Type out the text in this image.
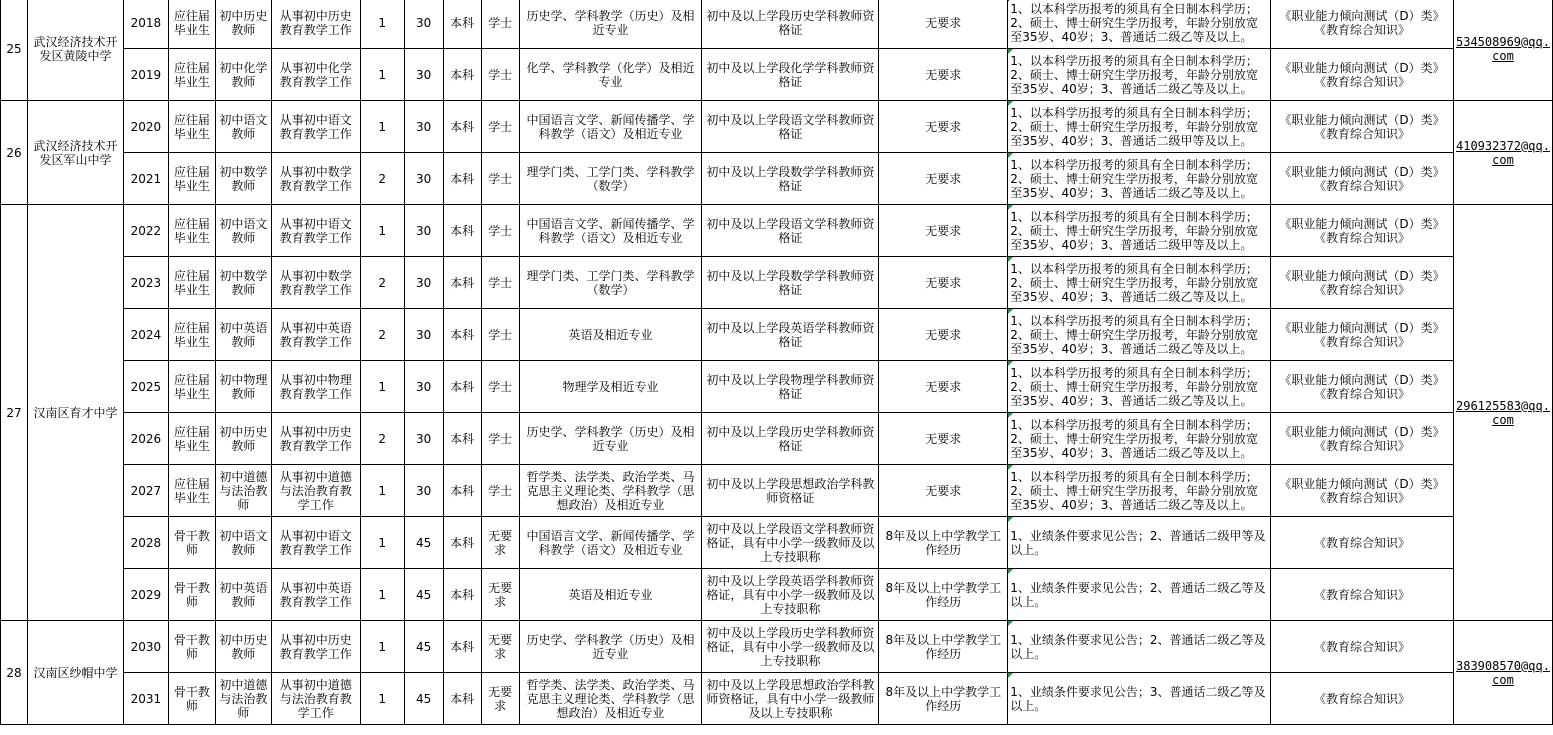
25	武汉经济技术开发区黄陵中学	2018	应往届毕业生	初中历史教师	从事初中历史教育教学工作	1	30	本科	学士	历史学、学科教学（历史）及相近专业	初中及以上学段历史学科教师资格证	无要求	1、以本科学历报考的须具有全日制本科学历；2、硕士、博士研究生学历报考，年龄分别放宽至35岁、40岁；3、普通话二级乙等及以上。	《职业能力倾向测试（D）类》《教育综合知识》	534508969@qq.com
		2019	应往届毕业生	初中化学教师	从事初中化学教育教学工作	1	30	本科	学士	化学、学科教学（化学）及相近专业	初中及以上学段化学学科教师资格证	无要求	1、以本科学历报考的须具有全日制本科学历；2、硕士、博士研究生学历报考，年龄分别放宽至35岁、40岁；3、普通话二级乙等及以上。	《职业能力倾向测试（D）类》《教育综合知识》	
26	武汉经济技术开发区军山中学	2020	应往届毕业生	初中语文教师	从事初中语文教育教学工作	1	30	本科	学士	中国语言文学、新闻传播学、学科教学（语文）及相近专业	初中及以上学段语文学科教师资格证	无要求	1、以本科学历报考的须具有全日制本科学历；2、硕士、博士研究生学历报考，年龄分别放宽至35岁、40岁；3、普通话二级甲等及以上。	《职业能力倾向测试（D）类》《教育综合知识》	410932372@qq.com
		2021	应往届毕业生	初中数学教师	从事初中数学教育教学工作	2	30	本科	学士	理学门类、工学门类、学科教学（数学）	初中及以上学段数学学科教师资格证	无要求	1、以本科学历报考的须具有全日制本科学历；2、硕士、博士研究生学历报考，年龄分别放宽至35岁、40岁；3、普通话二级乙等及以上。	《职业能力倾向测试（D）类》《教育综合知识》	
27	汉南区育才中学	2022	应往届毕业生	初中语文教师	从事初中语文教育教学工作	1	30	本科	学士	中国语言文学、新闻传播学、学科教学（语文）及相近专业	初中及以上学段语文学科教师资格证	无要求	1、以本科学历报考的须具有全日制本科学历；2、硕士、博士研究生学历报考，年龄分别放宽至35岁、40岁；3、普通话二级甲等及以上。	《职业能力倾向测试（D）类》《教育综合知识》	296125583@qq.com
		2023	应往届毕业生	初中数学教师	从事初中数学教育教学工作	2	30	本科	学士	理学门类、工学门类、学科教学（数学）	初中及以上学段数学学科教师资格证	无要求	1、以本科学历报考的须具有全日制本科学历；2、硕士、博士研究生学历报考，年龄分别放宽至35岁、40岁；3、普通话二级乙等及以上。	《职业能力倾向测试（D）类》《教育综合知识》	
		2024	应往届毕业生	初中英语教师	从事初中英语教育教学工作	2	30	本科	学士	英语及相近专业	初中及以上学段英语学科教师资格证	无要求	1、以本科学历报考的须具有全日制本科学历；2、硕士、博士研究生学历报考，年龄分别放宽至35岁、40岁；3、普通话二级乙等及以上。	《职业能力倾向测试（D）类》《教育综合知识》	
		2025	应往届毕业生	初中物理教师	从事初中物理教育教学工作	1	30	本科	学士	物理学及相近专业	初中及以上学段物理学科教师资格证	无要求	1、以本科学历报考的须具有全日制本科学历；2、硕士、博士研究生学历报考，年龄分别放宽至35岁、40岁；3、普通话二级乙等及以上。	《职业能力倾向测试（D）类》《教育综合知识》	
		2026	应往届毕业生	初中历史教师	从事初中历史教育教学工作	2	30	本科	学士	历史学、学科教学（历史）及相近专业	初中及以上学段历史学科教师资格证	无要求	1、以本科学历报考的须具有全日制本科学历；2、硕士、博士研究生学历报考，年龄分别放宽至35岁、40岁；3、普通话二级乙等及以上。	《职业能力倾向测试（D）类》《教育综合知识》	
		2027	应往届毕业生	初中道德与法治教师	从事初中道德与法治教育教学工作	1	30	本科	学士	哲学类、法学类、政治学类、马克思主义理论类、学科教学（思想政治）及相近专业	初中及以上学段思想政治学科教师资格证	无要求	1、以本科学历报考的须具有全日制本科学历；2、硕士、博士研究生学历报考，年龄分别放宽至35岁、40岁；3、普通话二级乙等及以上。	《职业能力倾向测试（D）类》《教育综合知识》	
		2028	骨干教师	初中语文教师	从事初中语文教育教学工作	1	45	本科	无要求	中国语言文学、新闻传播学、学科教学（语文）及相近专业	初中及以上学段语文学科教师资格证，具有中小学一级教师及以上专技职称	8年及以上中学教学工作经历	1、业绩条件要求见公告；2、普通话二级甲等及以上。	《教育综合知识》	
		2029	骨干教师	初中英语教师	从事初中英语教育教学工作	1	45	本科	无要求	英语及相近专业	初中及以上学段英语学科教师资格证，具有中小学一级教师及以上专技职称	8年及以上中学教学工作经历	1、业绩条件要求见公告；2、普通话二级乙等及以上。	《教育综合知识》	
28	汉南区纱帽中学	2030	骨干教师	初中历史教师	从事初中历史教育教学工作	1	45	本科	无要求	历史学、学科教学（历史）及相近专业	初中及以上学段历史学科教师资格证，具有中小学一级教师及以上专技职称	8年及以上中学教学工作经历	1、业绩条件要求见公告；2、普通话二级乙等及以上。	《教育综合知识》	383908570@qq.com
		2031	骨干教师	初中道德与法治教师	从事初中道德与法治教育教学工作	1	45	本科	无要求	哲学类、法学类、政治学类、马克思主义理论类、学科教学（思想政治）及相近专业	初中及以上学段思想政治学科教师资格证，具有中小学一级教师及以上专技职称	8年及以上中学教学工作经历	1、业绩条件要求见公告；3、普通话二级乙等及以上。	《教育综合知识》	
